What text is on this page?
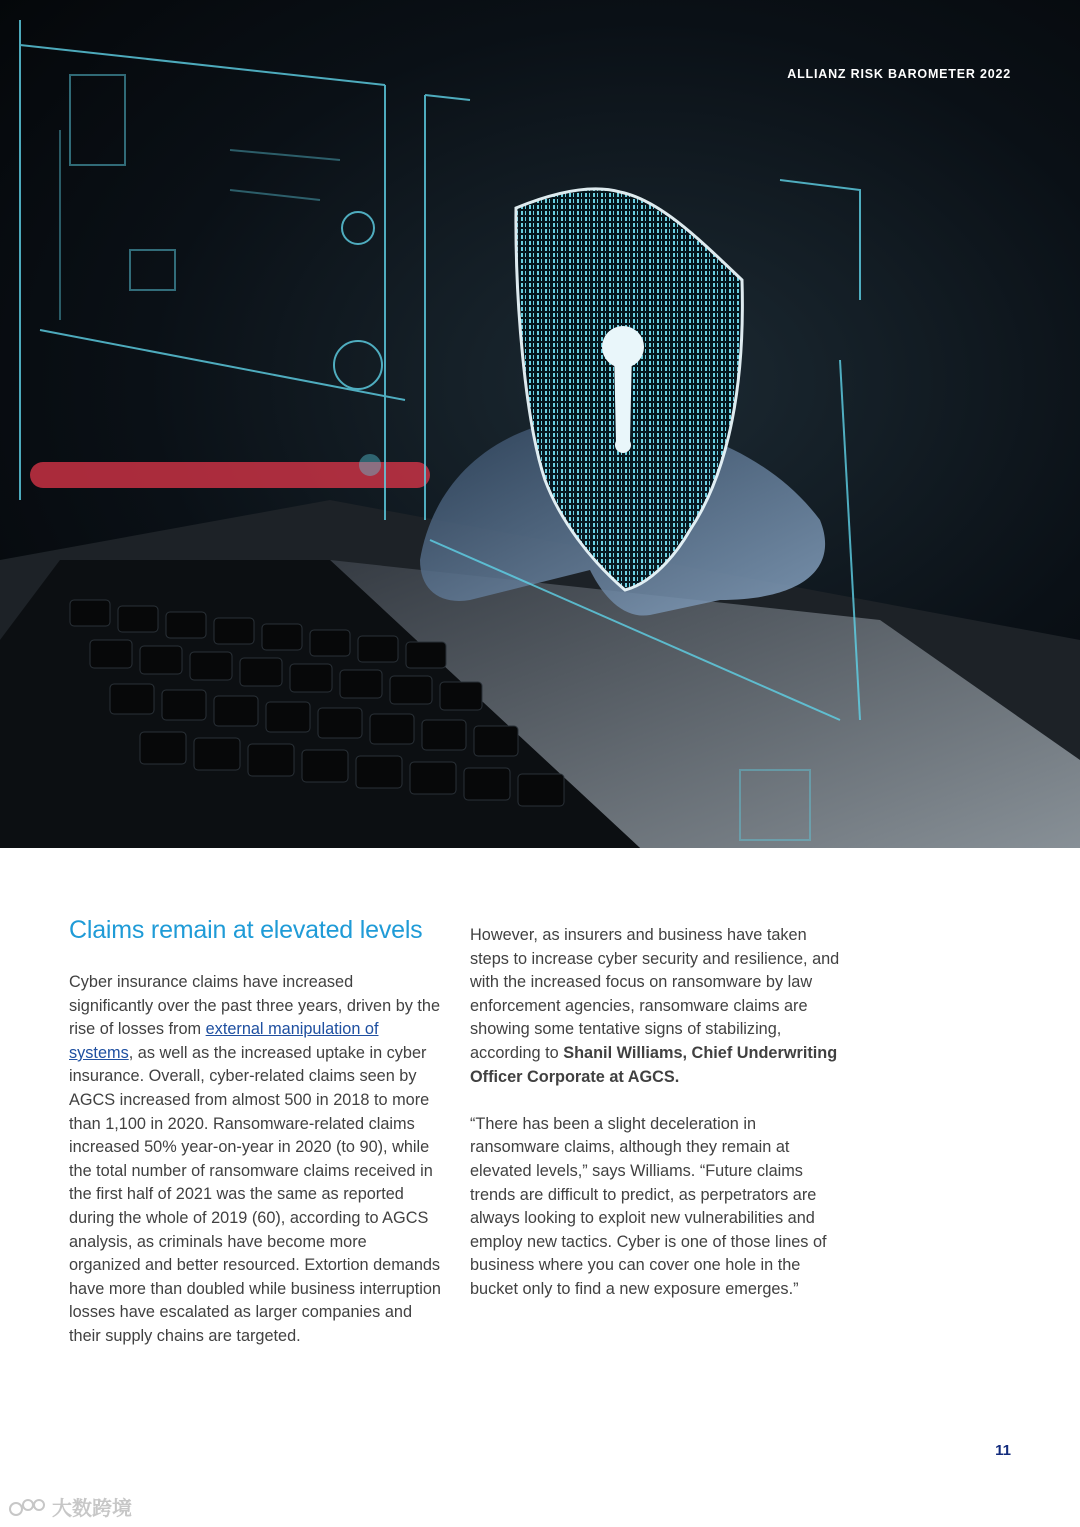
ALLIANZ RISK BAROMETER 2022
Claims remain at elevated levels

Cyber insurance claims have increased significantly over the past three years, driven by the rise of losses from external manipulation of systems, as well as the increased uptake in cyber insurance. Overall, cyber-related claims seen by AGCS increased from almost 500 in 2018 to more than 1,100 in 2020. Ransomware-related claims increased 50% year-on-year in 2020 (to 90), while the total number of ransomware claims received in the first half of 2021 was the same as reported during the whole of 2019 (60), according to AGCS analysis, as criminals have become more organized and better resourced. Extortion demands have more than doubled while business interruption losses have escalated as larger companies and their supply chains are targeted.

However, as insurers and business have taken steps to increase cyber security and resilience, and with the increased focus on ransomware by law enforcement agencies, ransomware claims are showing some tentative signs of stabilizing, according to Shanil Williams, Chief Underwriting Officer Corporate at AGCS.

“There has been a slight deceleration in ransomware claims, although they remain at elevated levels,” says Williams. “Future claims trends are difficult to predict, as perpetrators are always looking to exploit new vulnerabilities and employ new tactics. Cyber is one of those lines of business where you can cover one hole in the bucket only to find a new exposure emerges.”

11
大数跨境
